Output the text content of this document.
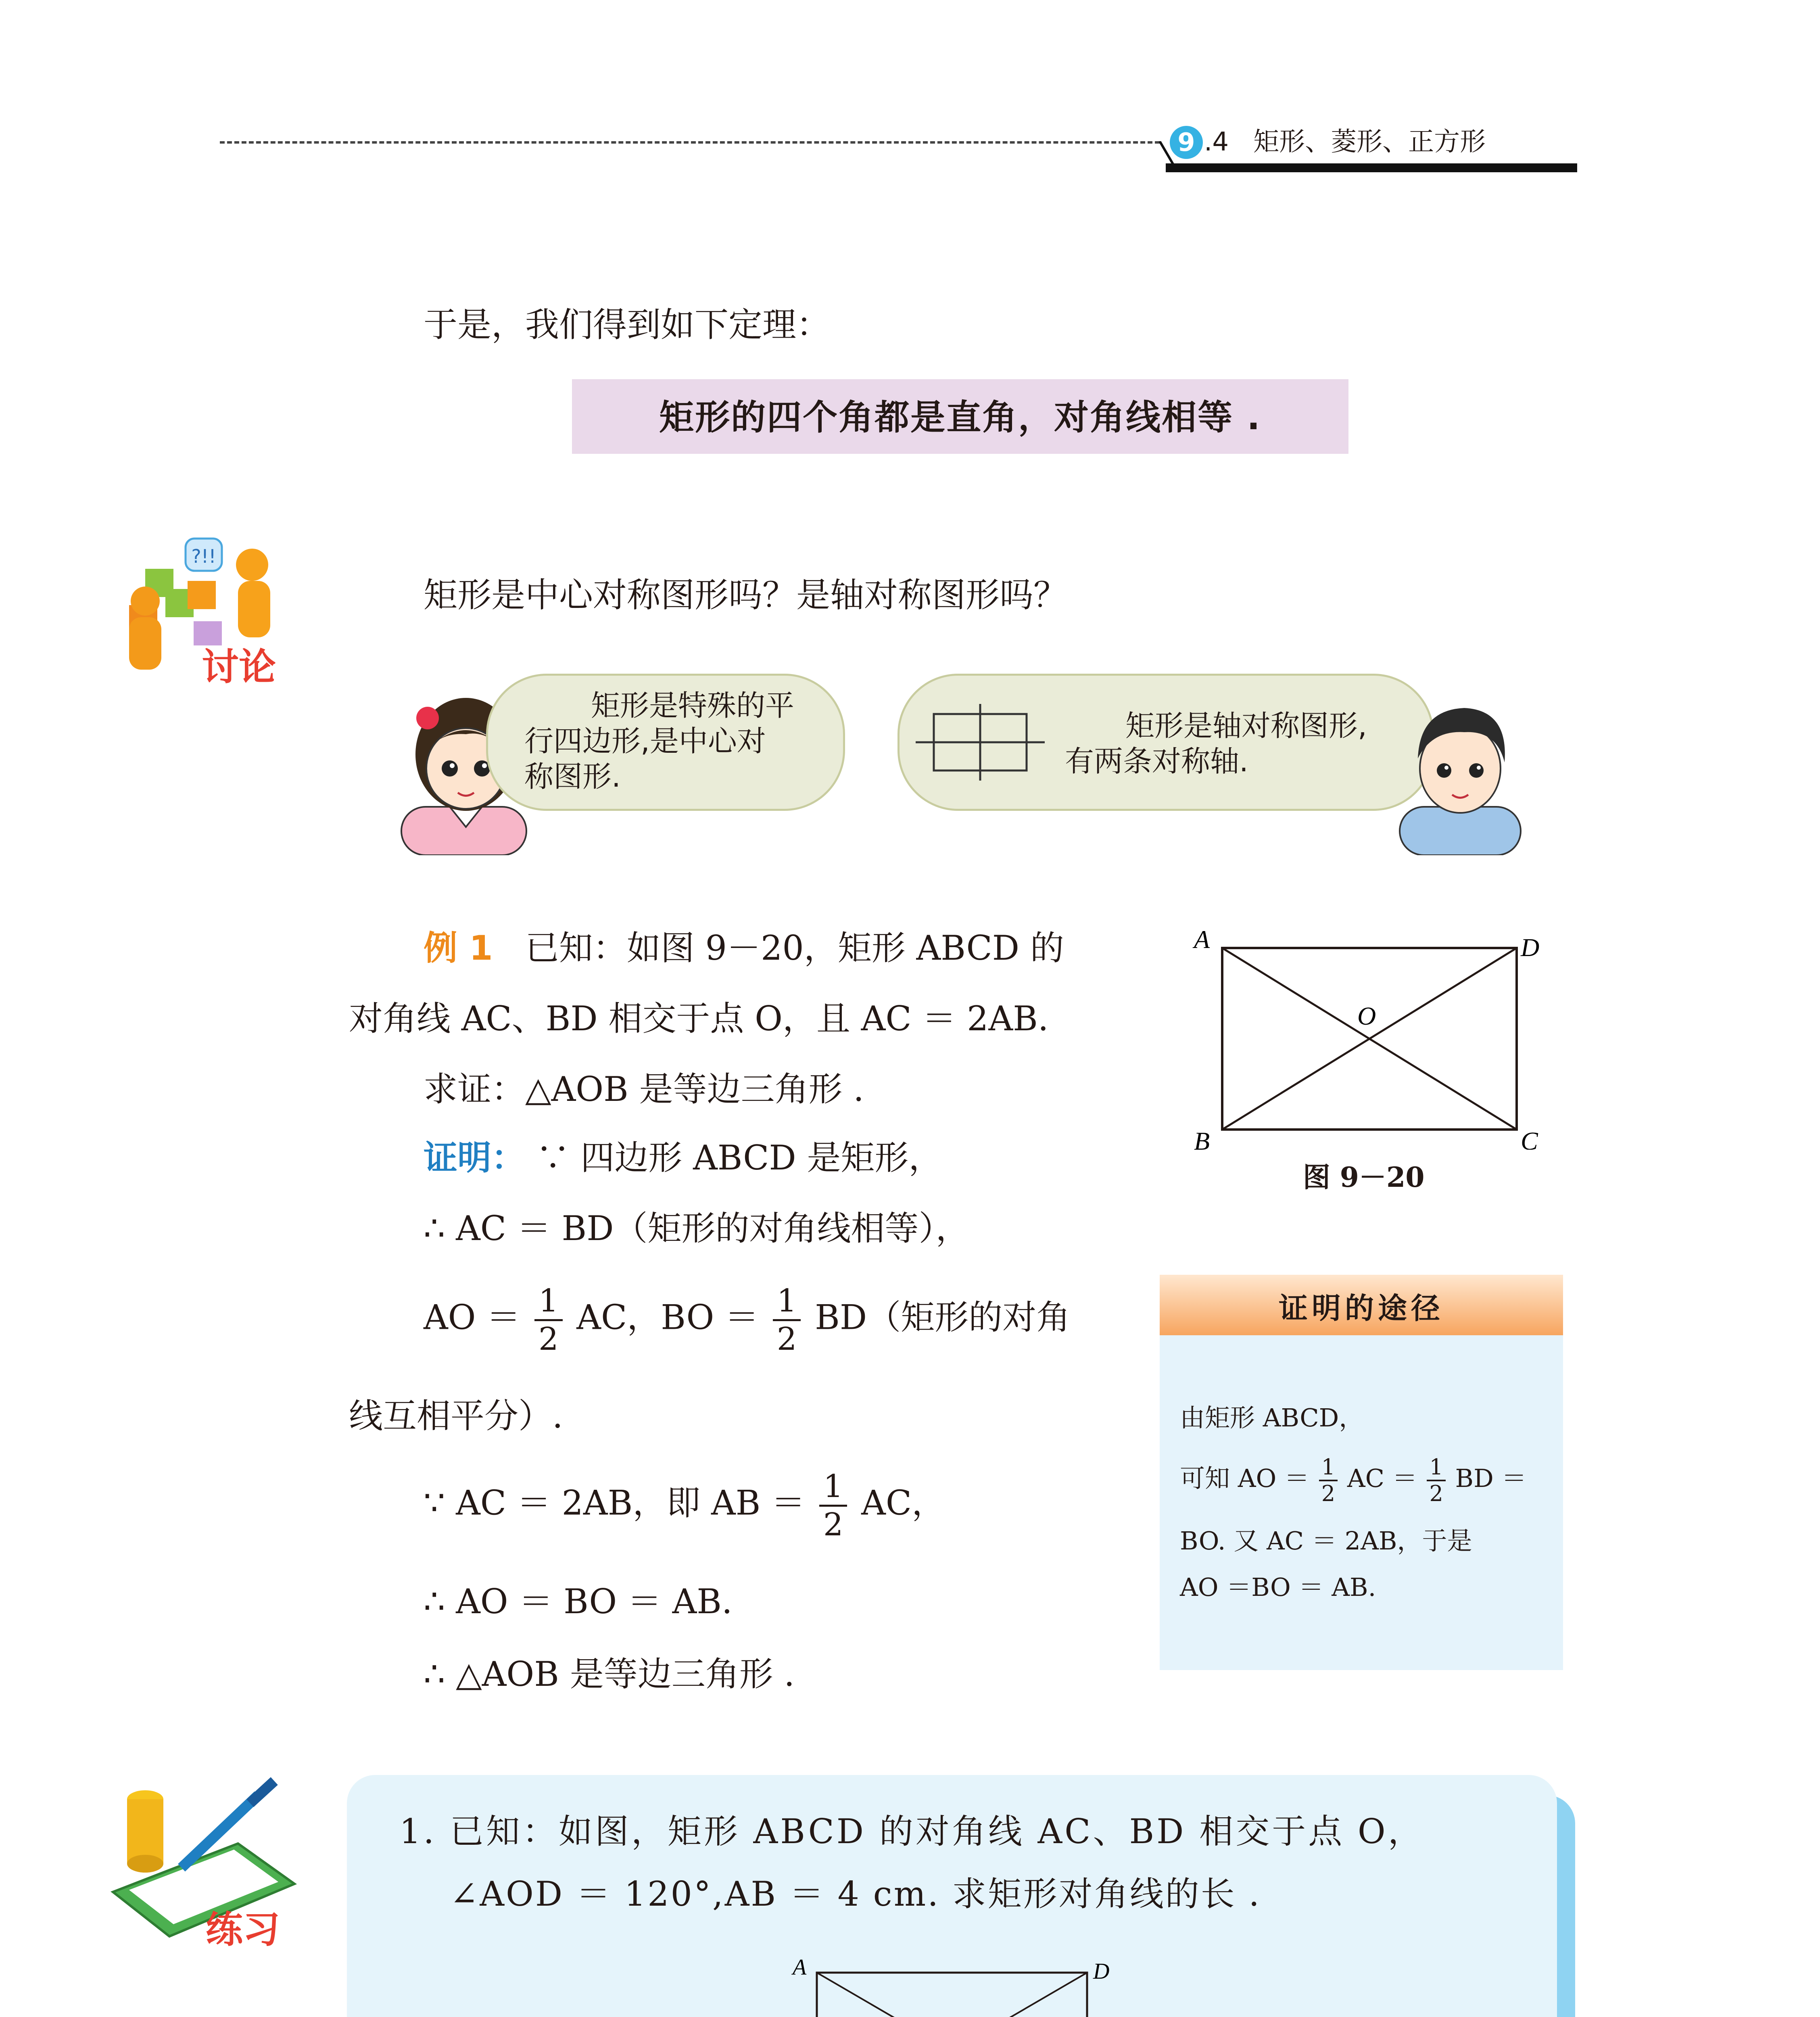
9 .4 矩形、菱形、正方形
于是，我们得到如下定理：
矩形的四个角都是直角，对角线相等 .
?!!
讨论
矩形是中心对称图形吗？是轴对称图形吗？
矩形是特殊的平
行四边形,是中心对
称图形.
矩形是轴对称图形,
有两条对称轴.
例 1 已知：如图 9－20，矩形 ABCD 的
对角线 AC、BD 相交于点 O，且 AC ＝ 2AB.
求证：△AOB 是等边三角形 .
证明： ∵ 四边形 ABCD 是矩形，
∴ AC ＝ BD（矩形的对角线相等），
AO ＝ $\frac{1}{2}$ AC，BO ＝ $\frac{1}{2} BD$（矩形的对角
线互相平分）.
∵ AC ＝ 2AB，即 AB ＝ $\frac{1}{2}$ AC，
∴ AO ＝ BO ＝ AB.
∴ △AOB 是等边三角形 .
A	D
B	C
O
图 9－20
证明的途径
由矩形 ABCD，
可知 AO ＝ $\frac{1}{2}$ AC ＝ $\frac{1}{2}$ BD ＝
BO. 又 AC ＝ 2AB，于是
AO ＝BO ＝ AB.
练习
1. 已知：如图，矩形 ABCD 的对角线 AC、BD 相交于点 O，
∠AOD ＝ 120°,AB ＝ 4 cm. 求矩形对角线的长 .
A	D
